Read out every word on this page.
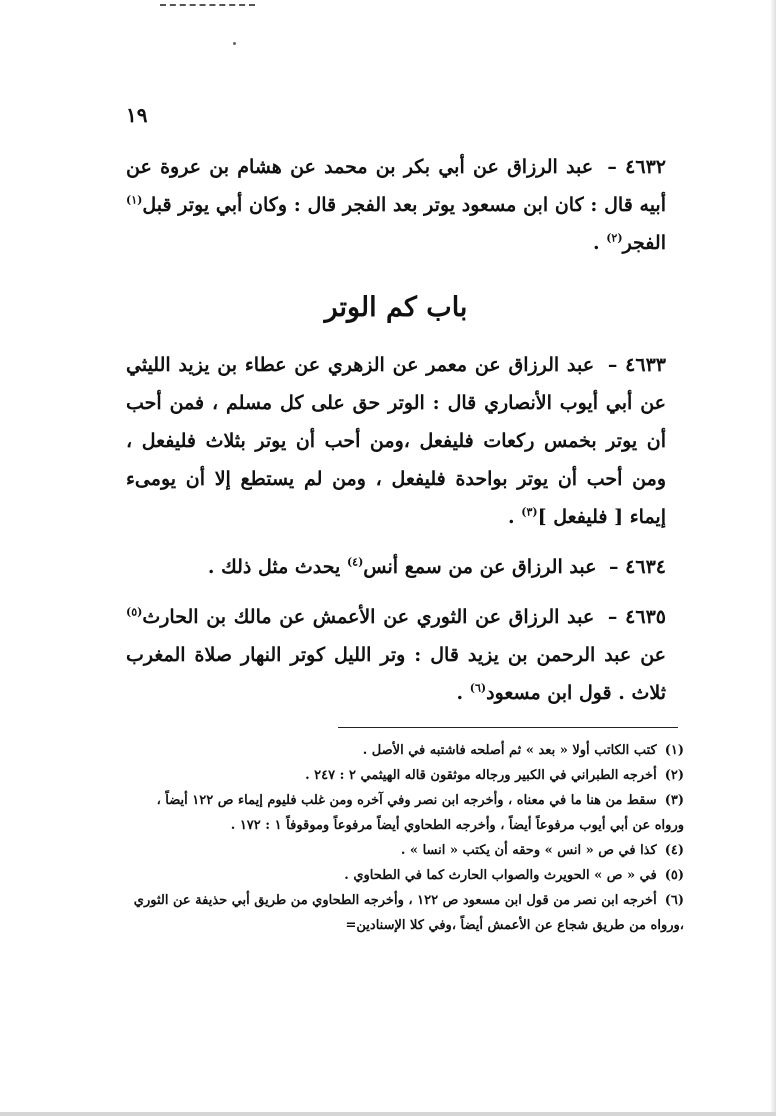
١٩

٤٦٣٢ – عبد الرزاق عن أبي بكر بن محمد عن هشام بن عروة عن أبيه قال : كان ابن مسعود يوتر بعد الفجر قال : وكان أبي يوتر قبل$^{(١)}$ الفجر$^{(٢)}$ .

باب كم الوتر

٤٦٣٣ – عبد الرزاق عن معمر عن الزهري عن عطاء بن يزيد الليثي عن أبي أيوب الأنصاري قال : الوتر حق على كل مسلم ، فمن أحب أن يوتر بخمس ركعات فليفعل ،ومن أحب أن يوتر بثلاث فليفعل ، ومن أحب أن يوتر بواحدة فليفعل ، ومن لم يستطع إلا أن يومىء إيماء [ فليفعل ]$^{(٣)}$ .

٤٦٣٤ – عبد الرزاق عن من سمع أنس$^{(٤)}$ يحدث مثل ذلك .

٤٦٣٥ – عبد الرزاق عن الثوري عن الأعمش عن مالك بن الحارث$^{(٥)}$ عن عبد الرحمن بن يزيد قال : وتر الليل كوتر النهار صلاة المغرب ثلاث . قول ابن مسعود$^{(٦)}$ .

(١)كتب الكاتب أولا « بعد » ثم أصلحه فاشتبه في الأصل .

(٢)أخرجه الطبراني في الكبير ورجاله موثقون قاله الهيثمي ٢ : ٢٤٧ .

(٣)سقط من هنا ما في معناه ، وأخرجه ابن نصر وفي آخره ومن غلب فليوم إيماء ص ١٢٢ أيضاً ، ورواه عن أبي أيوب مرفوعاً أيضاً ، وأخرجه الطحاوي أيضاً مرفوعاً وموقوفاً ١ : ١٧٢ .

(٤)كذا في ص « انس » وحقه أن يكتب « انسا » .

(٥)في « ص » الحويرث والصواب الحارث كما في الطحاوي .

(٦)أخرجه ابن نصر من قول ابن مسعود ص ١٢٢ ، وأخرجه الطحاوي من طريق أبي حذيفة عن الثوري ،ورواه من طريق شجاع عن الأعمش أيضاً ،وفي كلا الإسنادين=
